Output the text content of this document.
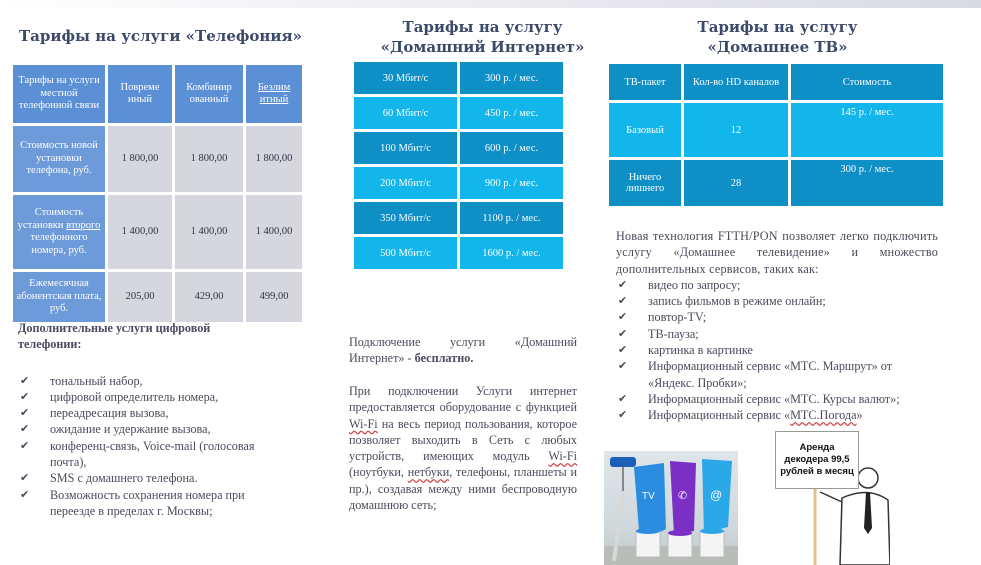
Тарифы на услуги «Телефония»
Тарифы на услуги местной телефонной связи	Повреме нный	Комбинир ованный	Безлим итный
Стоимость новой установки телефона, руб.	1 800,00	1 800,00	1 800,00
Стоимость установки второго телефонного номера, руб.	1 400,00	1 400,00	1 400,00
Ежемесячная абонентская плата, руб.	205,00	429,00	499,00

Дополнительные услуги цифровой телефонии:

✔ тональный набор,
✔ цифровой определитель номера,
✔ переадресация вызова,
✔ ожидание и удержание вызова,
✔ конференц-связь, Voice-mail (голосовая почта),
✔ SMS с домашнего телефона.
✔ Возможность сохранения номера при переезде в пределах г. Москвы;
Тарифы на услугу
«Домашний Интернет»
30 Мбит/с	300 р. / мес.
60 Мбит/с	450 р. / мес.
100 Мбит/с	600 р. / мес.
200 Мбит/с	900 р. / мес.
350 Мбит/с	1100 р. / мес.
500 Мбит/с	1600 р. / мес.

Подключение услуги «Домашний Интернет» - бесплатно.

При подключении Услуги интернет предоставляется оборудование с функцией Wi-Fi на весь период пользования, которое позволяет выходить в Сеть с любых устройств, имеющих модуль Wi-Fi (ноутбуки, нетбуки, телефоны, планшеты и пр.), создавая между ними беспроводную домашнюю сеть;

Тарифы на услугу
«Домашнее ТВ»
ТВ-пакет	Кол-во HD каналов	Стоимость
Базовый	12	145 р. / мес.
Ничего лишнего	28	300 р. / мес.

Новая технология FTTH/PON позволяет легко подключить услугу «Домашнее телевидение» и множество дополнительных сервисов, таких как:

✔ видео по запросу;
✔ запись фильмов в режиме онлайн;
✔ повтор-TV;
✔ ТВ-пауза;
✔ картинка в картинке
✔ Информационный сервис «МТС. Маршрут» от «Яндекс. Пробки»;
✔ Информационный сервис «МТС. Курсы валют»;
✔ Информационный сервис «МТС.Погода»
TV ✆ @
Аренда декодера 99,5 рублей в месяц
